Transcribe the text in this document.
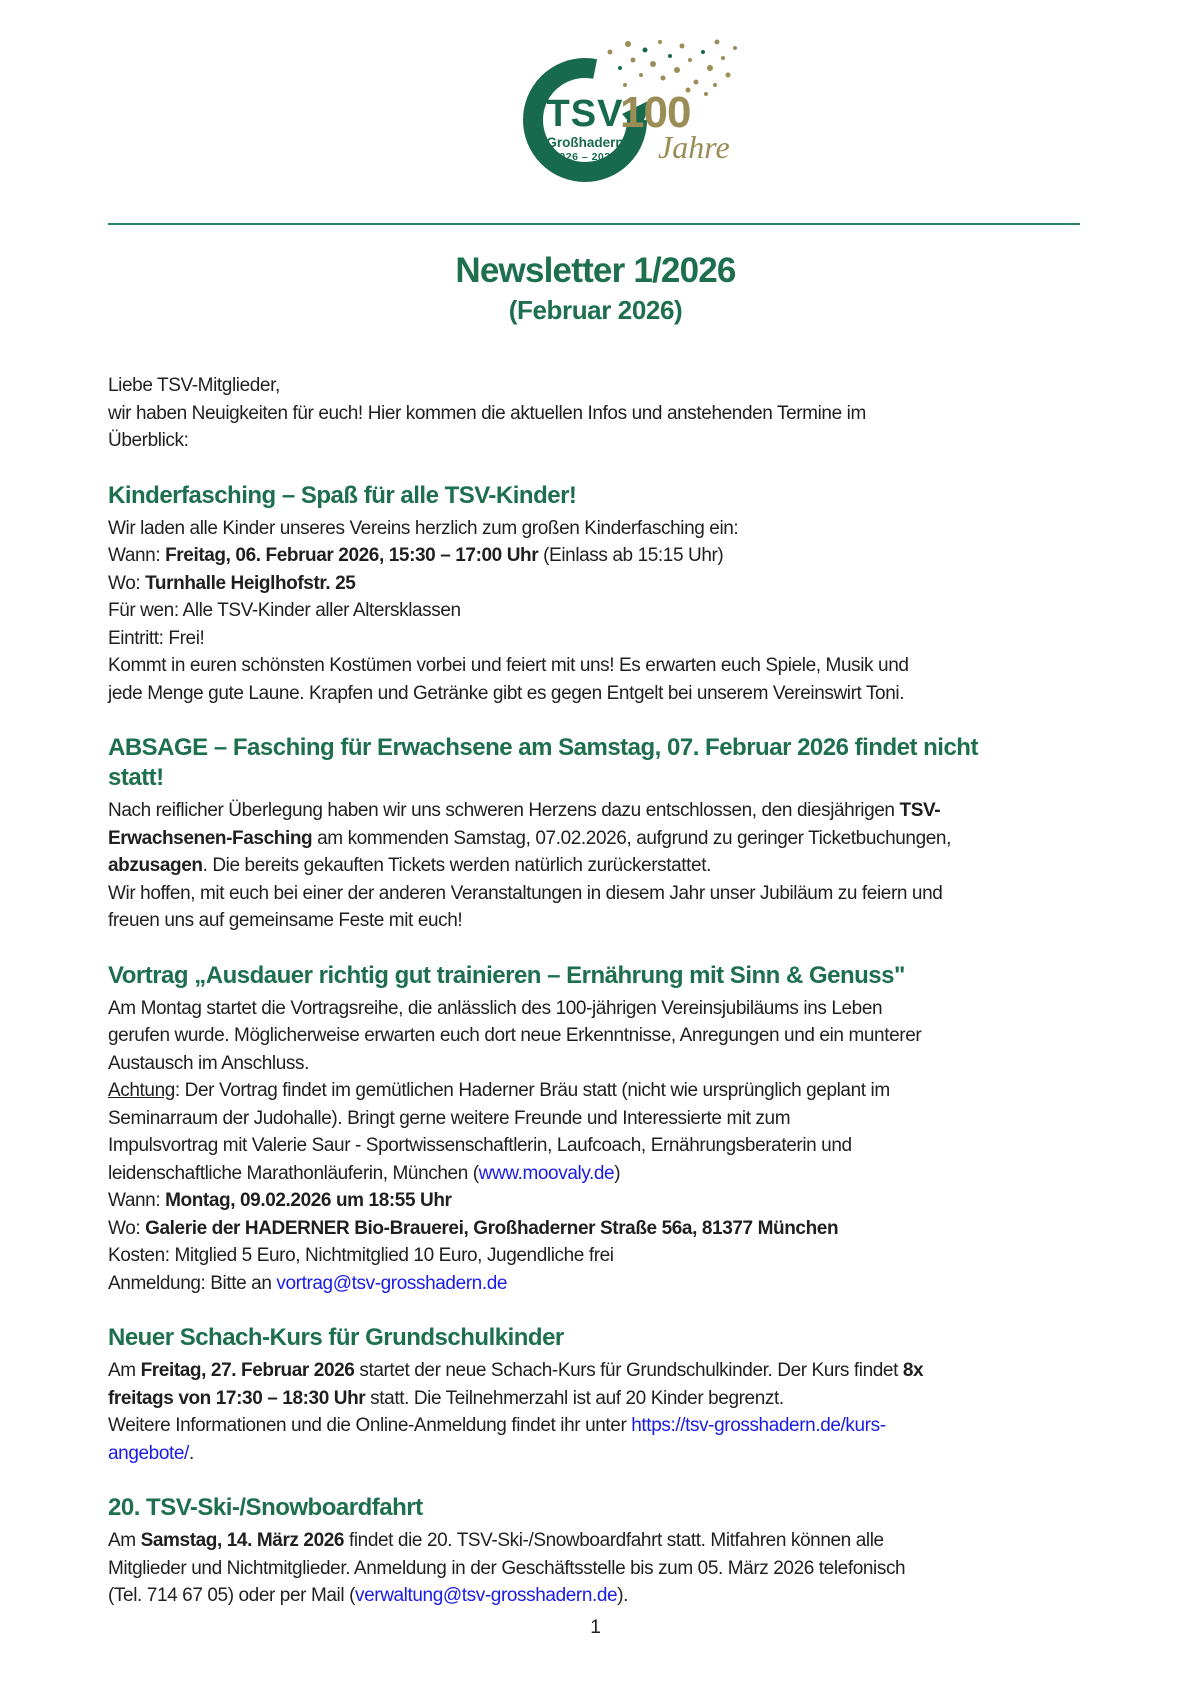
TSV
Großhadern
1926 – 2026
100
Jahre
Newsletter 1/2026
(Februar 2026)
Liebe TSV-Mitglieder,
wir haben Neuigkeiten für euch! Hier kommen die aktuellen Infos und anstehenden Termine im
Überblick:
Kinderfasching – Spaß für alle TSV-Kinder!
Wir laden alle Kinder unseres Vereins herzlich zum großen Kinderfasching ein:
Wann: Freitag, 06. Februar 2026, 15:30 – 17:00 Uhr (Einlass ab 15:15 Uhr)
Wo: Turnhalle Heiglhofstr. 25
Für wen: Alle TSV-Kinder aller Altersklassen
Eintritt: Frei!
Kommt in euren schönsten Kostümen vorbei und feiert mit uns! Es erwarten euch Spiele, Musik und
jede Menge gute Laune. Krapfen und Getränke gibt es gegen Entgelt bei unserem Vereinswirt Toni.
ABSAGE – Fasching für Erwachsene am Samstag, 07. Februar 2026 findet nicht
statt!
Nach reiflicher Überlegung haben wir uns schweren Herzens dazu entschlossen, den diesjährigen TSV-
Erwachsenen-Fasching am kommenden Samstag, 07.02.2026, aufgrund zu geringer Ticketbuchungen,
abzusagen. Die bereits gekauften Tickets werden natürlich zurückerstattet.
Wir hoffen, mit euch bei einer der anderen Veranstaltungen in diesem Jahr unser Jubiläum zu feiern und
freuen uns auf gemeinsame Feste mit euch!
Vortrag „Ausdauer richtig gut trainieren – Ernährung mit Sinn & Genuss"
Am Montag startet die Vortragsreihe, die anlässlich des 100-jährigen Vereinsjubiläums ins Leben
gerufen wurde. Möglicherweise erwarten euch dort neue Erkenntnisse, Anregungen und ein munterer
Austausch im Anschluss.
Achtung: Der Vortrag findet im gemütlichen Haderner Bräu statt (nicht wie ursprünglich geplant im
Seminarraum der Judohalle). Bringt gerne weitere Freunde und Interessierte mit zum
Impulsvortrag mit Valerie Saur - Sportwissenschaftlerin, Laufcoach, Ernährungsberaterin und
leidenschaftliche Marathonläuferin, München (www.moovaly.de)
Wann: Montag, 09.02.2026 um 18:55 Uhr
Wo: Galerie der HADERNER Bio-Brauerei, Großhaderner Straße 56a, 81377 München
Kosten: Mitglied 5 Euro, Nichtmitglied 10 Euro, Jugendliche frei
Anmeldung: Bitte an vortrag@tsv-grosshadern.de
Neuer Schach-Kurs für Grundschulkinder
Am Freitag, 27. Februar 2026 startet der neue Schach-Kurs für Grundschulkinder. Der Kurs findet 8x
freitags von 17:30 – 18:30 Uhr statt. Die Teilnehmerzahl ist auf 20 Kinder begrenzt.
Weitere Informationen und die Online-Anmeldung findet ihr unter https://tsv-grosshadern.de/kurs-
angebote/.
20. TSV-Ski-/Snowboardfahrt
Am Samstag, 14. März 2026 findet die 20. TSV-Ski-/Snowboardfahrt statt. Mitfahren können alle
Mitglieder und Nichtmitglieder. Anmeldung in der Geschäftsstelle bis zum 05. März 2026 telefonisch
(Tel. 714 67 05) oder per Mail (verwaltung@tsv-grosshadern.de).
1
